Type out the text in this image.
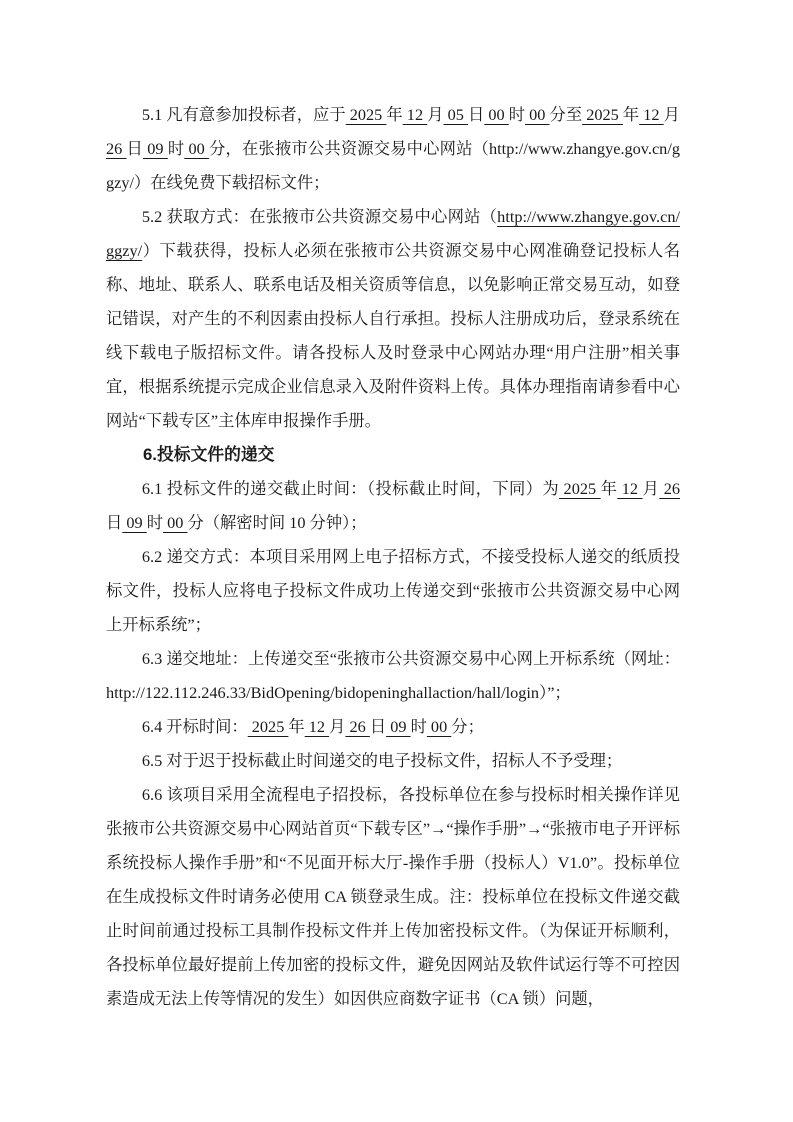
5.1 凡有意参加投标者，应于 2025 年 12 月 05 日 00 时 00 分至 2025 年 12 月 26 日 09 时 00 分，在张掖市公共资源交易中心网站（http://www.zhangye.gov.cn/ggzy/）在线免费下载招标文件；

5.2 获取方式：在张掖市公共资源交易中心网站（http://www.zhangye.gov.cn/ggzy/）下载获得，投标人必须在张掖市公共资源交易中心网准确登记投标人名称、地址、联系人、联系电话及相关资质等信息，以免影响正常交易互动，如登记错误，对产生的不利因素由投标人自行承担。投标人注册成功后，登录系统在线下载电子版招标文件。请各投标人及时登录中心网站办理“用户注册”相关事宜，根据系统提示完成企业信息录入及附件资料上传。具体办理指南请参看中心网站“下载专区”主体库申报操作手册。

6.投标文件的递交

6.1 投标文件的递交截止时间：（投标截止时间，下同）为 2025 年 12 月 26 日 09 时 00 分（解密时间 10 分钟）；

6.2 递交方式：本项目采用网上电子招标方式，不接受投标人递交的纸质投标文件，投标人应将电子投标文件成功上传递交到“张掖市公共资源交易中心网上开标系统”；

6.3 递交地址：上传递交至“张掖市公共资源交易中心网上开标系统（网址：http://122.112.246.33/BidOpening/bidopeninghallaction/hall/login）”；

6.4 开标时间： 2025 年 12 月 26 日 09 时 00 分；

6.5 对于迟于投标截止时间递交的电子投标文件，招标人不予受理；

6.6 该项目采用全流程电子招投标，各投标单位在参与投标时相关操作详见张掖市公共资源交易中心网站首页“下载专区”→“操作手册”→“张掖市电子开评标系统投标人操作手册”和“不见面开标大厅-操作手册（投标人）V1.0”。投标单位在生成投标文件时请务必使用 CA 锁登录生成。注：投标单位在投标文件递交截止时间前通过投标工具制作投标文件并上传加密投标文件。（为保证开标顺利，各投标单位最好提前上传加密的投标文件，避免因网站及软件试运行等不可控因素造成无法上传等情况的发生）如因供应商数字证书（CA 锁）问题，
